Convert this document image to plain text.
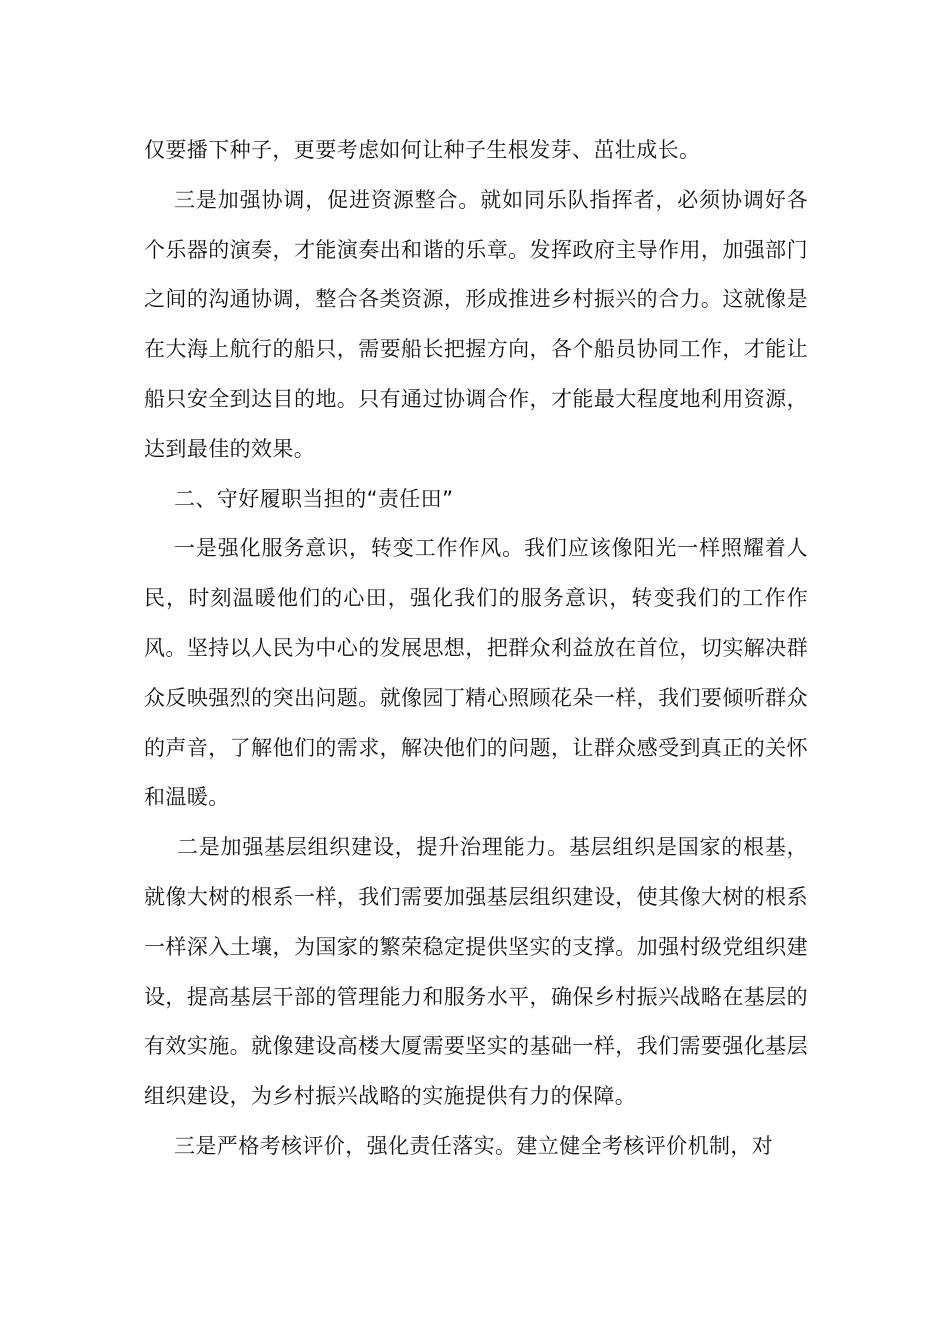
仅要播下种子，更要考虑如何让种子生根发芽、茁壮成长。

三是加强协调，促进资源整合。就如同乐队指挥者，必须协调好各个乐器的演奏，才能演奏出和谐的乐章。发挥政府主导作用，加强部门之间的沟通协调，整合各类资源，形成推进乡村振兴的合力。这就像是在大海上航行的船只，需要船长把握方向，各个船员协同工作，才能让船只安全到达目的地。只有通过协调合作，才能最大程度地利用资源，达到最佳的效果。

二、守好履职当担的“责任田”

一是强化服务意识，转变工作作风。我们应该像阳光一样照耀着人民，时刻温暖他们的心田，强化我们的服务意识，转变我们的工作作风。坚持以人民为中心的发展思想，把群众利益放在首位，切实解决群众反映强烈的突出问题。就像园丁精心照顾花朵一样，我们要倾听群众的声音，了解他们的需求，解决他们的问题，让群众感受到真正的关怀和温暖。

二是加强基层组织建设，提升治理能力。基层组织是国家的根基，就像大树的根系一样，我们需要加强基层组织建设，使其像大树的根系一样深入土壤，为国家的繁荣稳定提供坚实的支撑。加强村级党组织建设，提高基层干部的管理能力和服务水平，确保乡村振兴战略在基层的有效实施。就像建设高楼大厦需要坚实的基础一样，我们需要强化基层组织建设，为乡村振兴战略的实施提供有力的保障。

三是严格考核评价，强化责任落实。建立健全考核评价机制，对
